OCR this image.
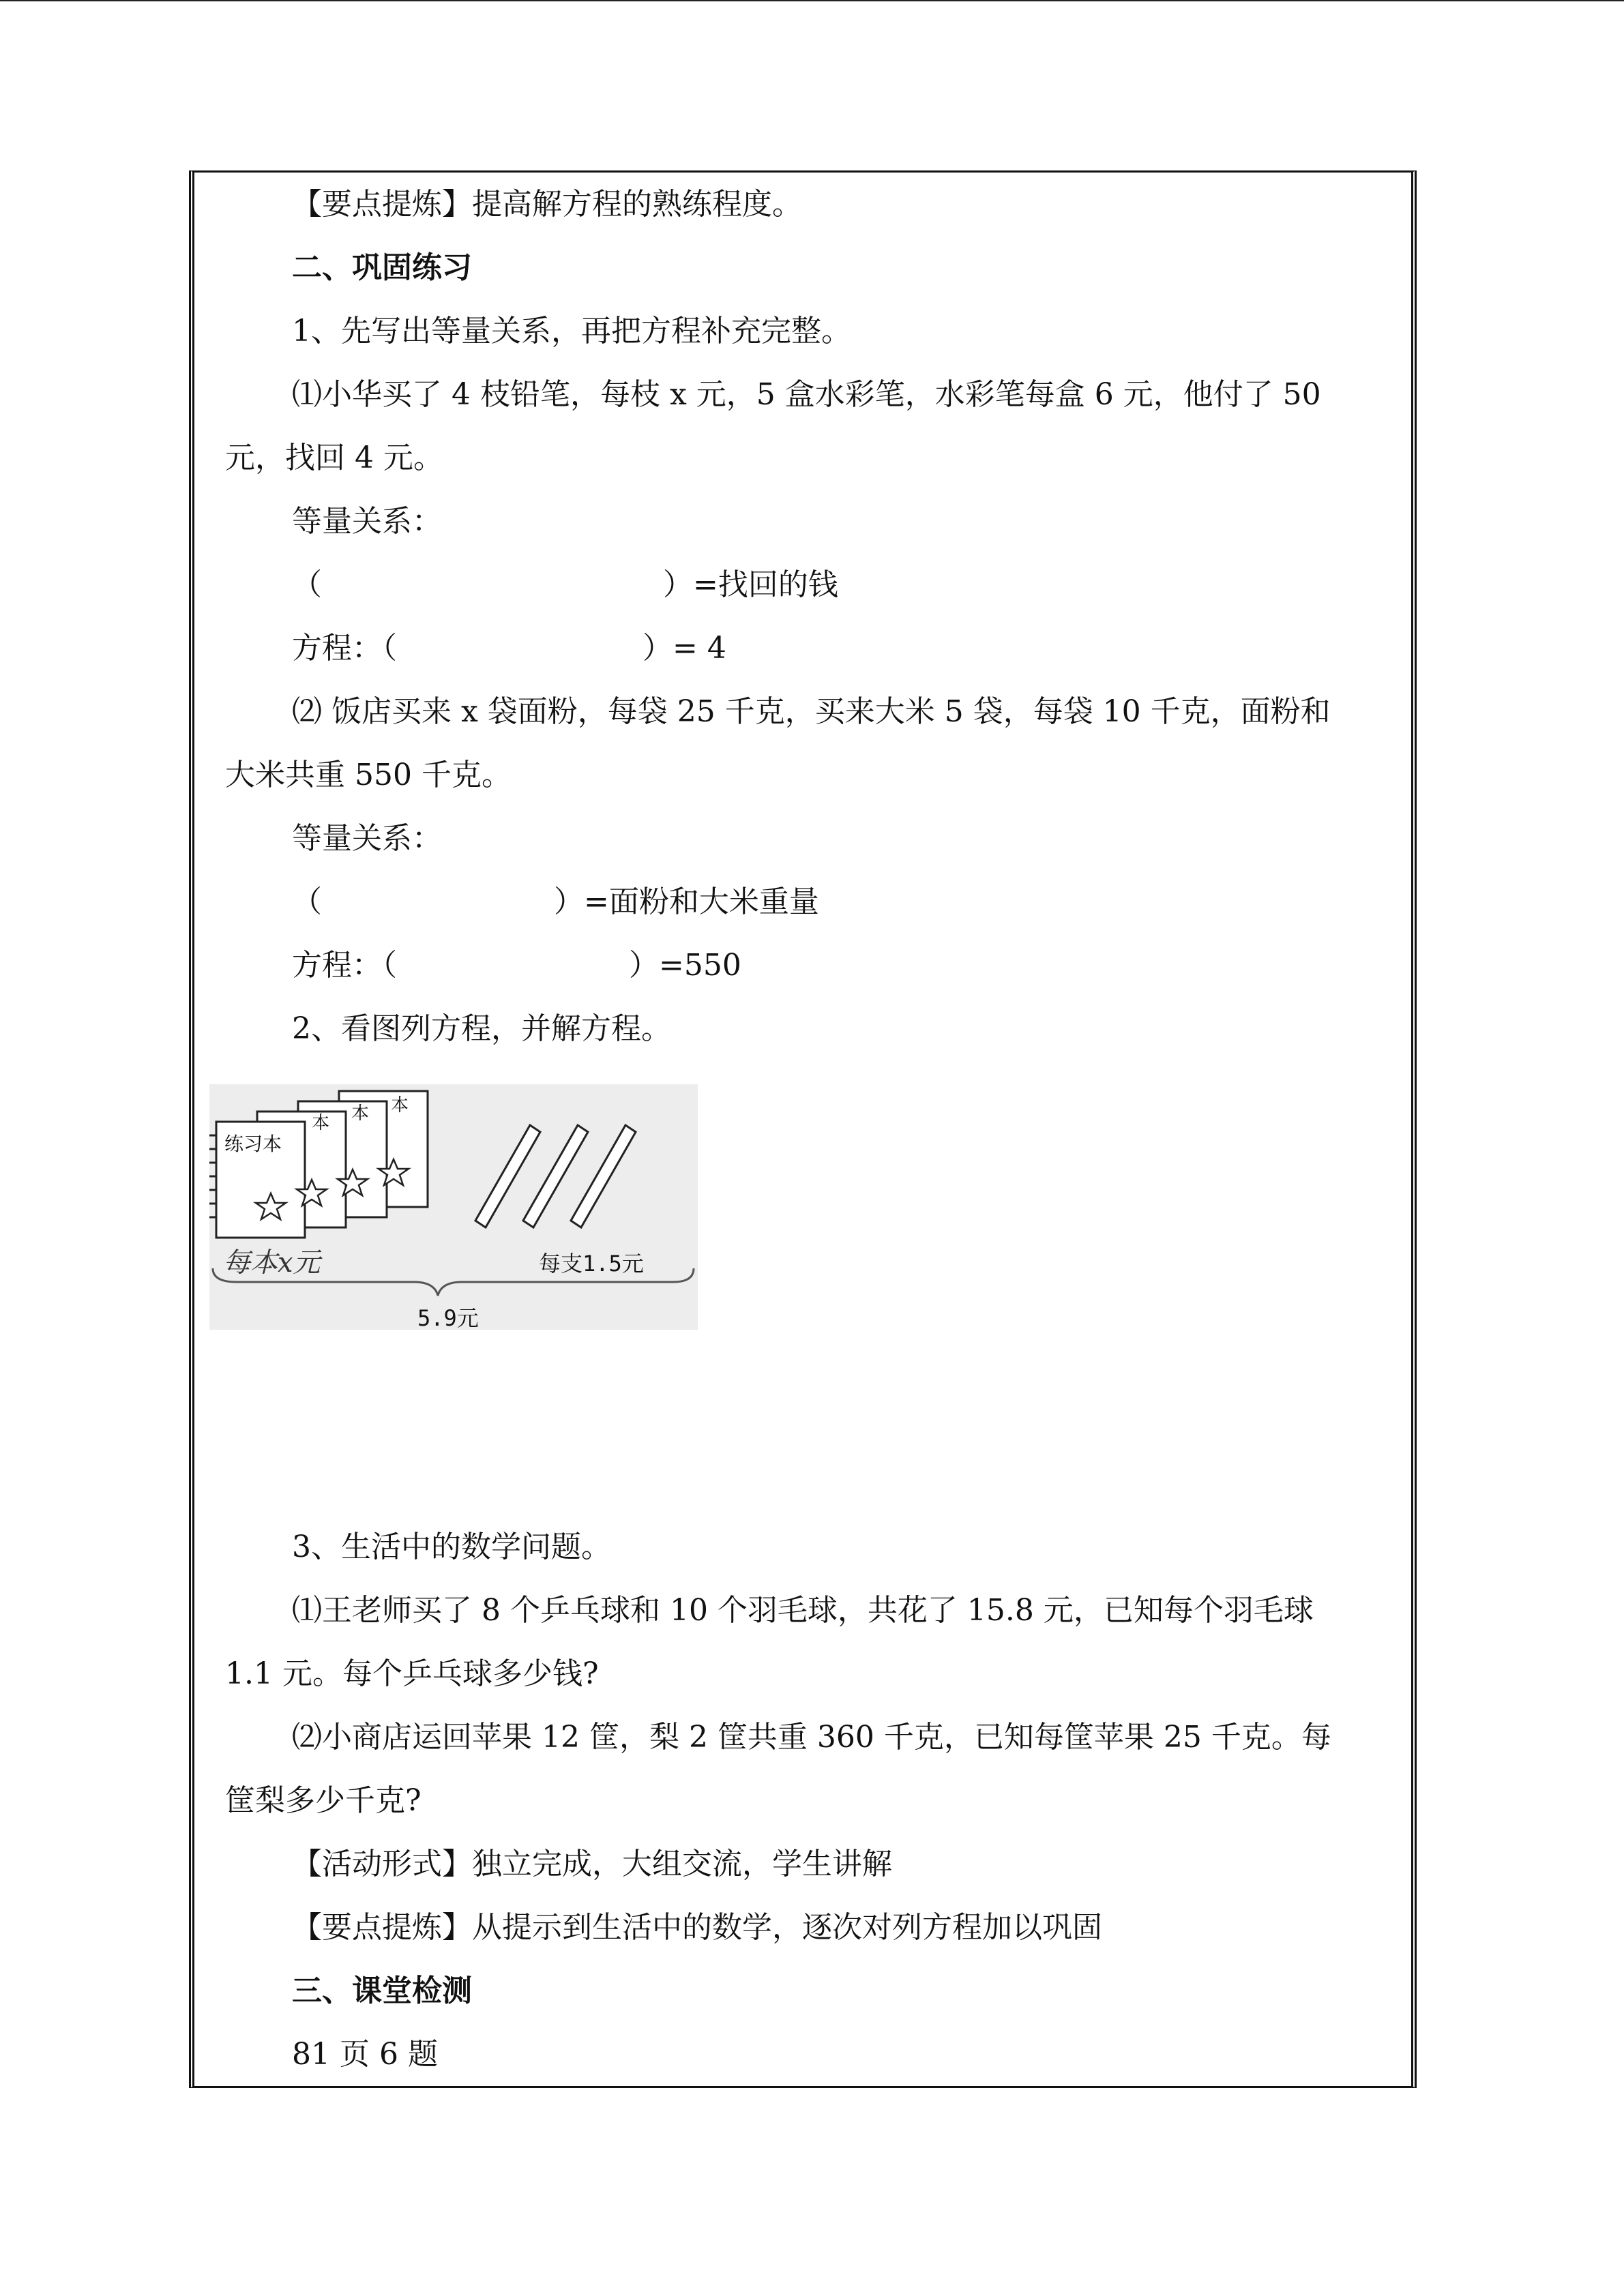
【要点提炼】提高解方程的熟练程度。
二、巩固练习
1、先写出等量关系，再把方程补充完整。
⑴小华买了 4 枝铅笔，每枝 x 元，5 盒水彩笔，水彩笔每盒 6 元，他付了 50
元，找回 4 元。
等量关系：
（	）=找回的钱
方程：（	）= 4
⑵ 饭店买来 x 袋面粉，每袋 25 千克，买来大米 5 袋，每袋 10 千克，面粉和
大米共重 550 千克。
等量关系：
（	）=面粉和大米重量
方程：（	）=550
2、看图列方程，并解方程。
练习本
本 本 本
每本x元	每支1.5元
5.9元
3、生活中的数学问题。
⑴王老师买了 8 个乒乓球和 10 个羽毛球，共花了 15.8 元，已知每个羽毛球
1.1 元。每个乒乓球多少钱?
⑵小商店运回苹果 12 筐，梨 2 筐共重 360 千克，已知每筐苹果 25 千克。每
筐梨多少千克?
【活动形式】独立完成，大组交流，学生讲解
【要点提炼】从提示到生活中的数学，逐次对列方程加以巩固
三、课堂检测
81 页 6 题
